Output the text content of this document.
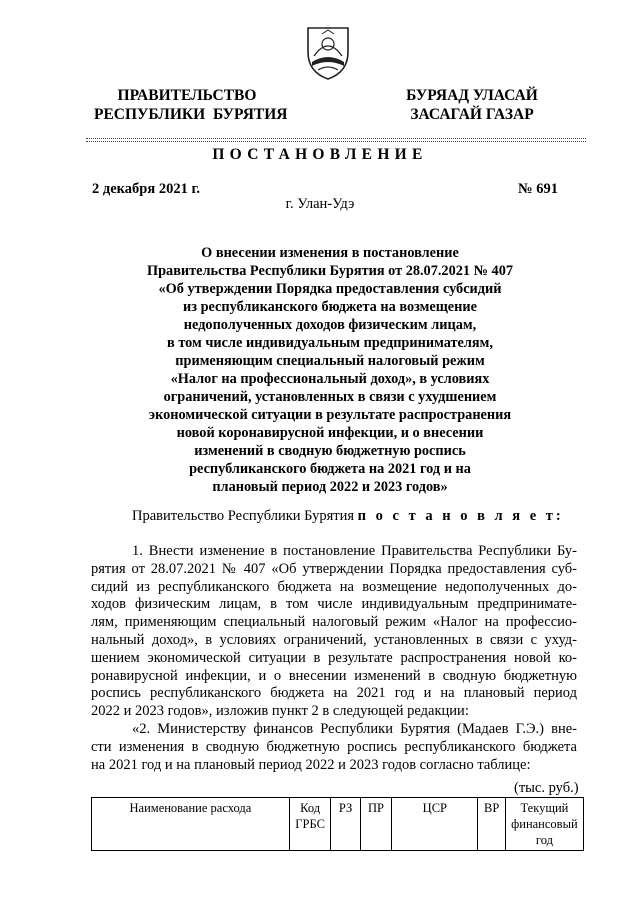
ПРАВИТЕЛЬСТВО
РЕСПУБЛИКИ  БУРЯТИЯ
БУРЯАД УЛАСАЙ
ЗАСАГАЙ ГАЗАР
ПОСТАНОВЛЕНИЕ
2 декабря 2021 г.	№ 691
г. Улан-Удэ
О внесении изменения в постановление
Правительства Республики Бурятия от 28.07.2021 № 407
«Об утверждении Порядка предоставления субсидий
из республиканского бюджета на возмещение
недополученных доходов физическим лицам,
в том числе индивидуальным предпринимателям,
применяющим специальный налоговый режим
«Налог на профессиональный доход», в условиях
ограничений, установленных в связи с ухудшением
экономической ситуации в результате распространения
новой коронавирусной инфекции, и о внесении
изменений в сводную бюджетную роспись
республиканского бюджета на 2021 год и на
плановый период 2022 и 2023 годов»
Правительство Республики Бурятия п о с т а н о в л я е т:
1. Внести изменение в постановление Правительства Республики Бу-
рятия от 28.07.2021 № 407 «Об утверждении Порядка предоставления суб-
сидий из республиканского бюджета на возмещение недополученных до-
ходов физическим лицам, в том числе индивидуальным предпринимате-
лям, применяющим специальный налоговый режим «Налог на профессио-
нальный доход», в условиях ограничений, установленных в связи с ухуд-
шением экономической ситуации в результате распространения новой ко-
ронавирусной инфекции, и о внесении изменений в сводную бюджетную
роспись республиканского бюджета на 2021 год и на плановый период
2022 и 2023 годов», изложив пункт 2 в следующей редакции:
«2. Министерству финансов Республики Бурятия (Мадаев Г.Э.) вне-
сти изменения в сводную бюджетную роспись республиканского бюджета
на 2021 год и на плановый период 2022 и 2023 годов согласно таблице:
(тыс. руб.)
Наименование расхода	Код ГРБС	РЗ	ПР	ЦСР	ВР	Текущий финансовый год
